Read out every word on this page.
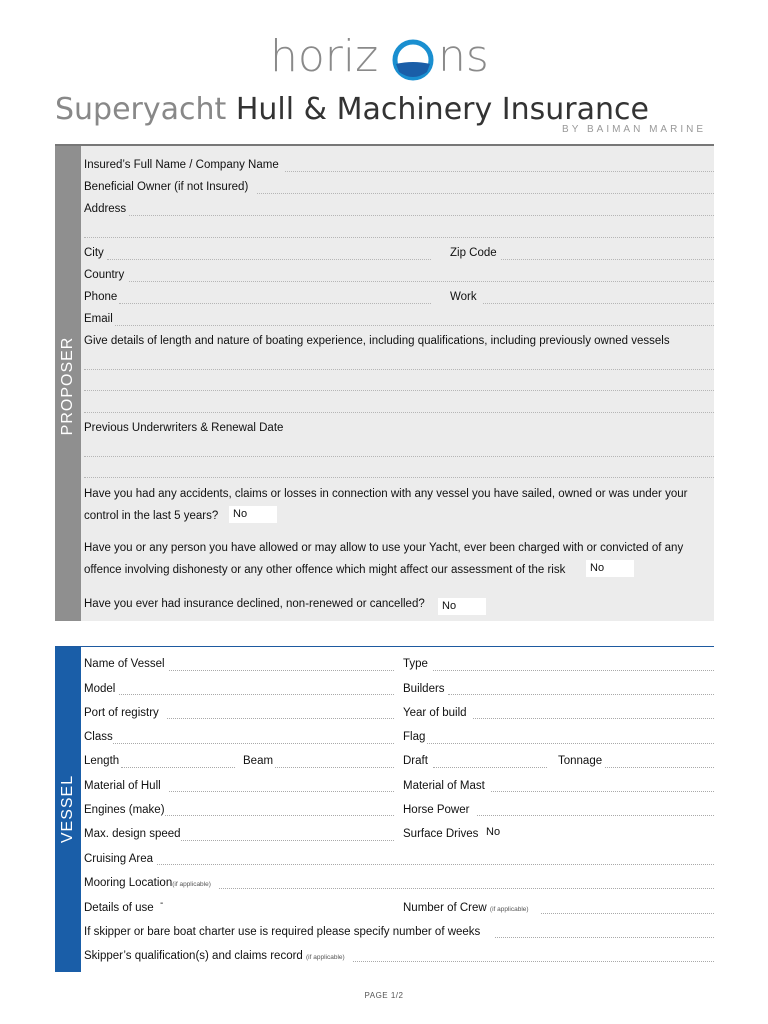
horiz ns
Superyacht Hull & Machinery Insurance
BY BAIMAN MARINE
PROPOSER
Insured’s Full Name / Company Name
Beneficial Owner (if not Insured)
Address
City	Zip Code
Country
Phone	Work
Email
Give details of length and nature of boating experience, including qualifications, including previously owned vessels
Previous Underwriters & Renewal Date
Have you had any accidents, claims or losses in connection with any vessel you have sailed, owned or was under your
control in the last 5 years?	No
Have you or any person you have allowed or may allow to use your Yacht, ever been charged with or convicted of any
offence involving dishonesty or any other offence which might affect our assessment of the risk	No
Have you ever had insurance declined, non-renewed or cancelled?	No
VESSEL
Name of Vessel	Type
Model	Builders
Port of registry	Year of build
Class	Flag
Length	Beam	Draft	Tonnage
Material of Hull	Material of Mast
Engines (make)	Horse Power
Max. design speed	Surface Drives No
Cruising Area
Mooring Location(if applicable)
Details of use -	Number of Crew (if applicable)
If skipper or bare boat charter use is required please specify number of weeks
Skipper’s qualification(s) and claims record (if applicable)
PAGE 1/2
